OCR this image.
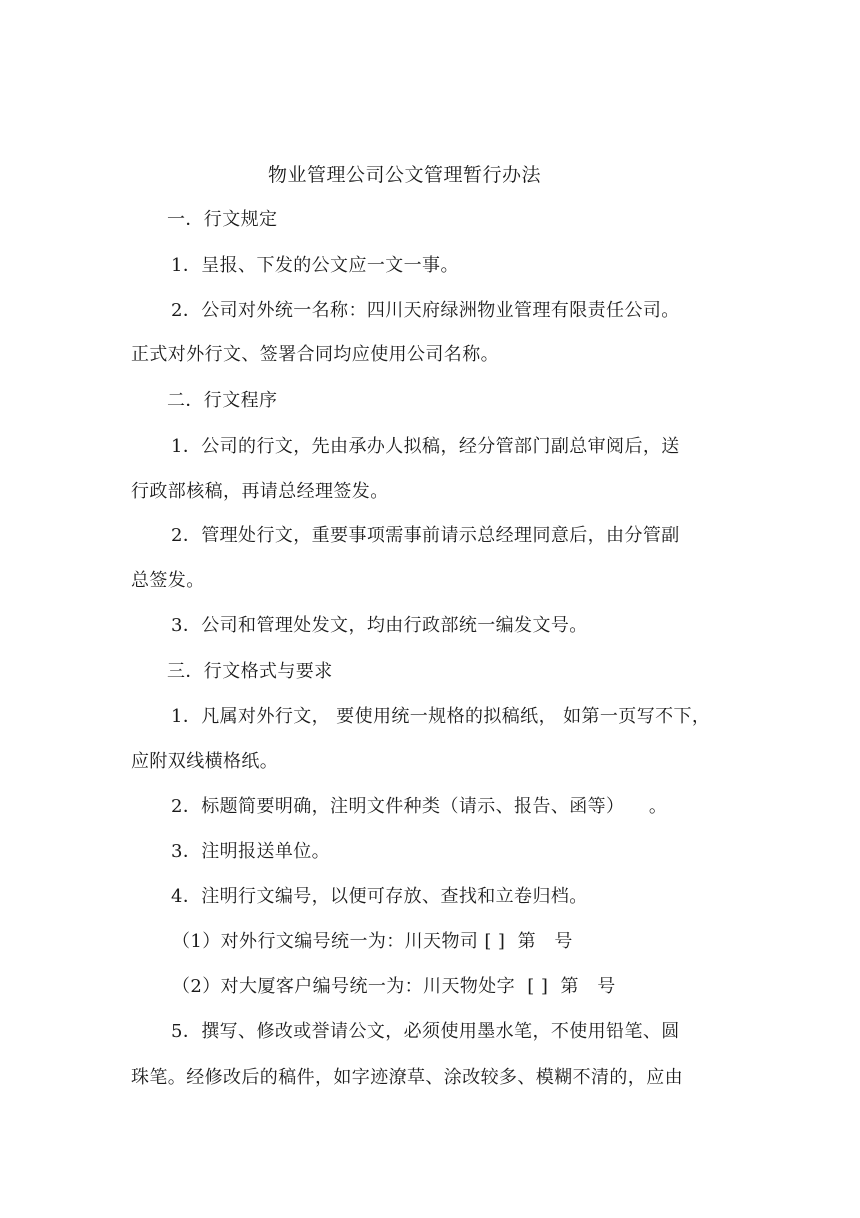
物业管理公司公文管理暂行办法
一．行文规定
1．呈报、下发的公文应一文一事。
2．公司对外统一名称：四川天府绿洲物业管理有限责任公司。
正式对外行文、签署合同均应使用公司名称。
二．行文程序
1．公司的行文，先由承办人拟稿，经分管部门副总审阅后，送
行政部核稿，再请总经理签发。
2．管理处行文，重要事项需事前请示总经理同意后，由分管副
总签发。
3．公司和管理处发文，均由行政部统一编发文号。
三．行文格式与要求
1．凡属对外行文， 要使用统一规格的拟稿纸， 如第一页写不下，
应附双线横格纸。
2．标题简要明确，注明文件种类（请示、报告、函等）    。
3．注明报送单位。
4．注明行文编号，以便可存放、查找和立卷归档。
（1）对外行文编号统一为：川天物司 [ ]  第   号
（2）对大厦客户编号统一为：川天物处字  [ ]  第   号
5．撰写、修改或誉请公文，必须使用墨水笔，不使用铅笔、圆
珠笔。经修改后的稿件，如字迹潦草、涂改较多、模糊不清的，应由
